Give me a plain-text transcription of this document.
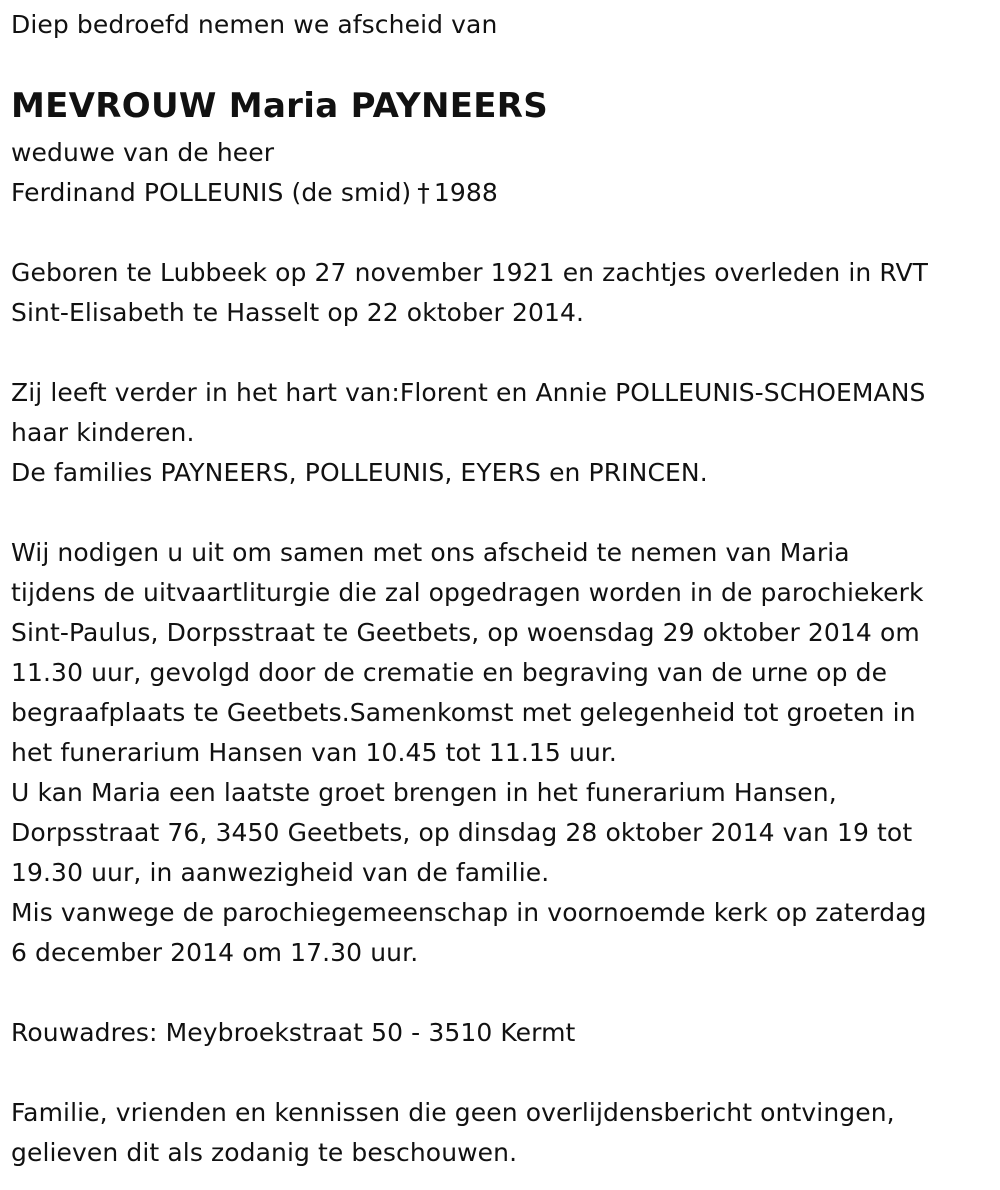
Diep bedroefd nemen we afscheid van
MEVROUW Maria PAYNEERS
weduwe van de heer
Ferdinand POLLEUNIS (de smid) † 1988
Geboren te Lubbeek op 27 november 1921 en zachtjes overleden in RVT
Sint-Elisabeth te Hasselt op 22 oktober 2014.
Zij leeft verder in het hart van:Florent en Annie POLLEUNIS-SCHOEMANS
haar kinderen.
De families PAYNEERS, POLLEUNIS, EYERS en PRINCEN.
Wij nodigen u uit om samen met ons afscheid te nemen van Maria
tijdens de uitvaartliturgie die zal opgedragen worden in de parochiekerk
Sint-Paulus, Dorpsstraat te Geetbets, op woensdag 29 oktober 2014 om
11.30 uur, gevolgd door de crematie en begraving van de urne op de
begraafplaats te Geetbets.Samenkomst met gelegenheid tot groeten in
het funerarium Hansen van 10.45 tot 11.15 uur.
U kan Maria een laatste groet brengen in het funerarium Hansen,
Dorpsstraat 76, 3450 Geetbets, op dinsdag 28 oktober 2014 van 19 tot
19.30 uur, in aanwezigheid van de familie.
Mis vanwege de parochiegemeenschap in voornoemde kerk op zaterdag
6 december 2014 om 17.30 uur.
Rouwadres: Meybroekstraat 50 - 3510 Kermt
Familie, vrienden en kennissen die geen overlijdensbericht ontvingen,
gelieven dit als zodanig te beschouwen.
